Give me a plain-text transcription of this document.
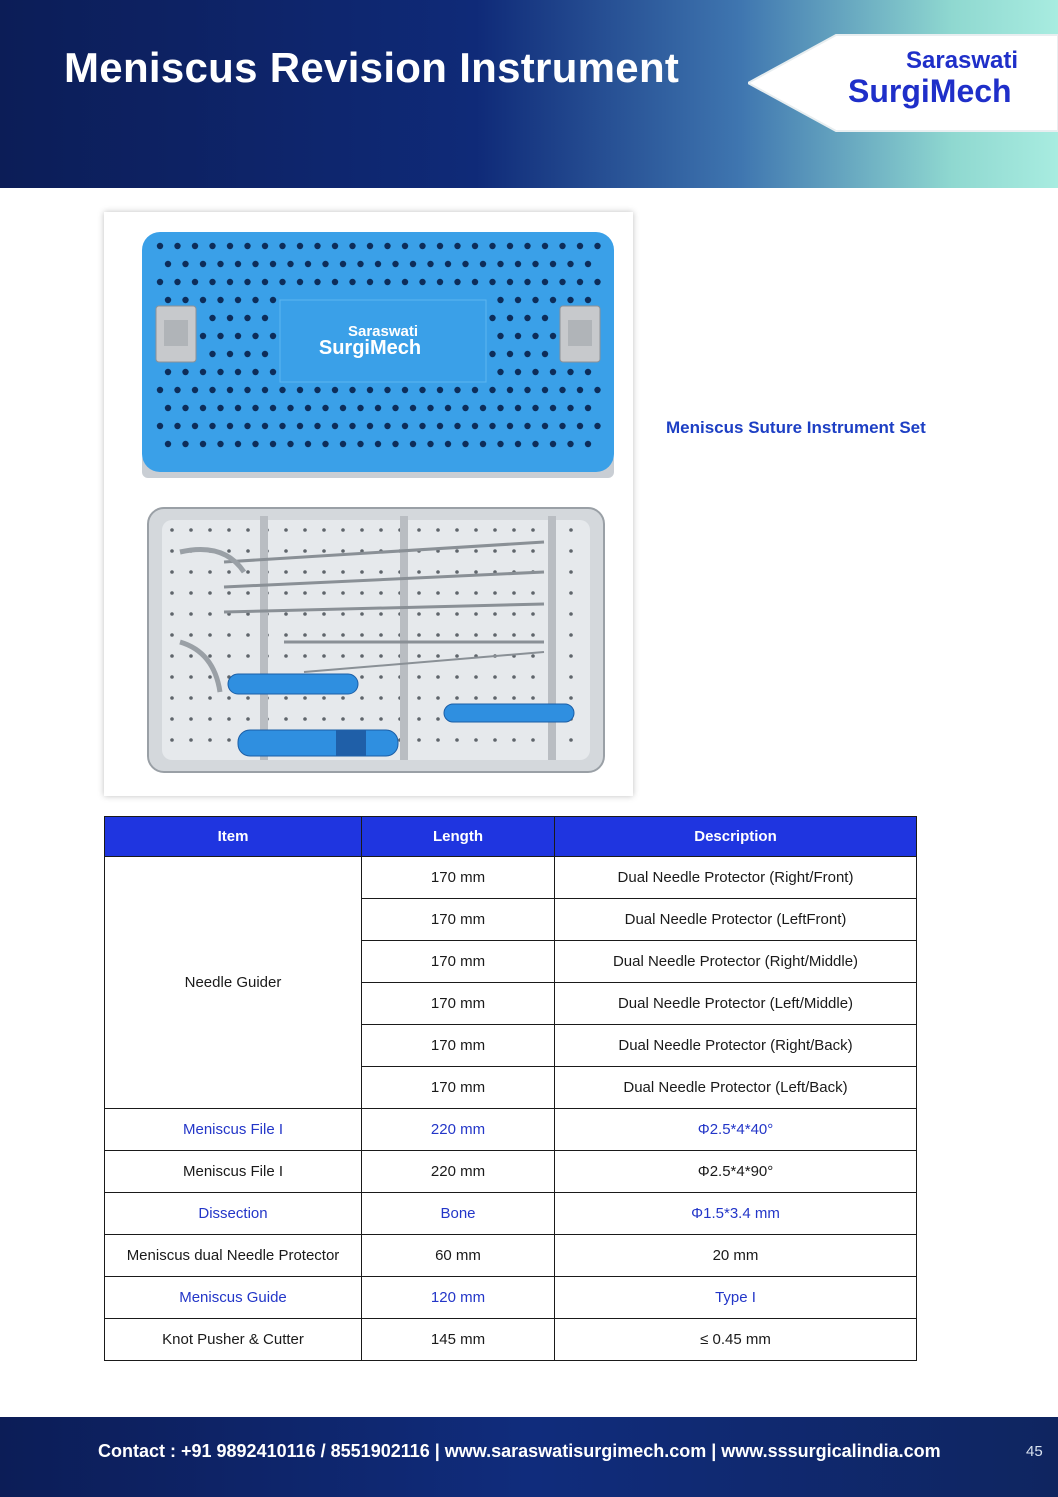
Meniscus Revision Instrument	Saraswati
SurgiMech
Saraswati
SurgiMech
Meniscus Suture Instrument Set
Item	Length	Description
Needle Guider	170 mm	Dual Needle Protector (Right/Front)
	170 mm	Dual Needle Protector (LeftFront)
	170 mm	Dual Needle Protector (Right/Middle)
	170 mm	Dual Needle Protector (Left/Middle)
	170 mm	Dual Needle Protector (Right/Back)
	170 mm	Dual Needle Protector (Left/Back)
Meniscus File I	220 mm	Φ2.5*4*40°
Meniscus File I	220 mm	Φ2.5*4*90°
Dissection	Bone	Φ1.5*3.4 mm
Meniscus dual Needle Protector	60 mm	20 mm
Meniscus Guide	120 mm	Type I
Knot Pusher & Cutter	145 mm	≤ 0.45 mm
Contact : +91 9892410116 / 8551902116 | www.saraswatisurgimech.com | www.sssurgicalindia.com	45
